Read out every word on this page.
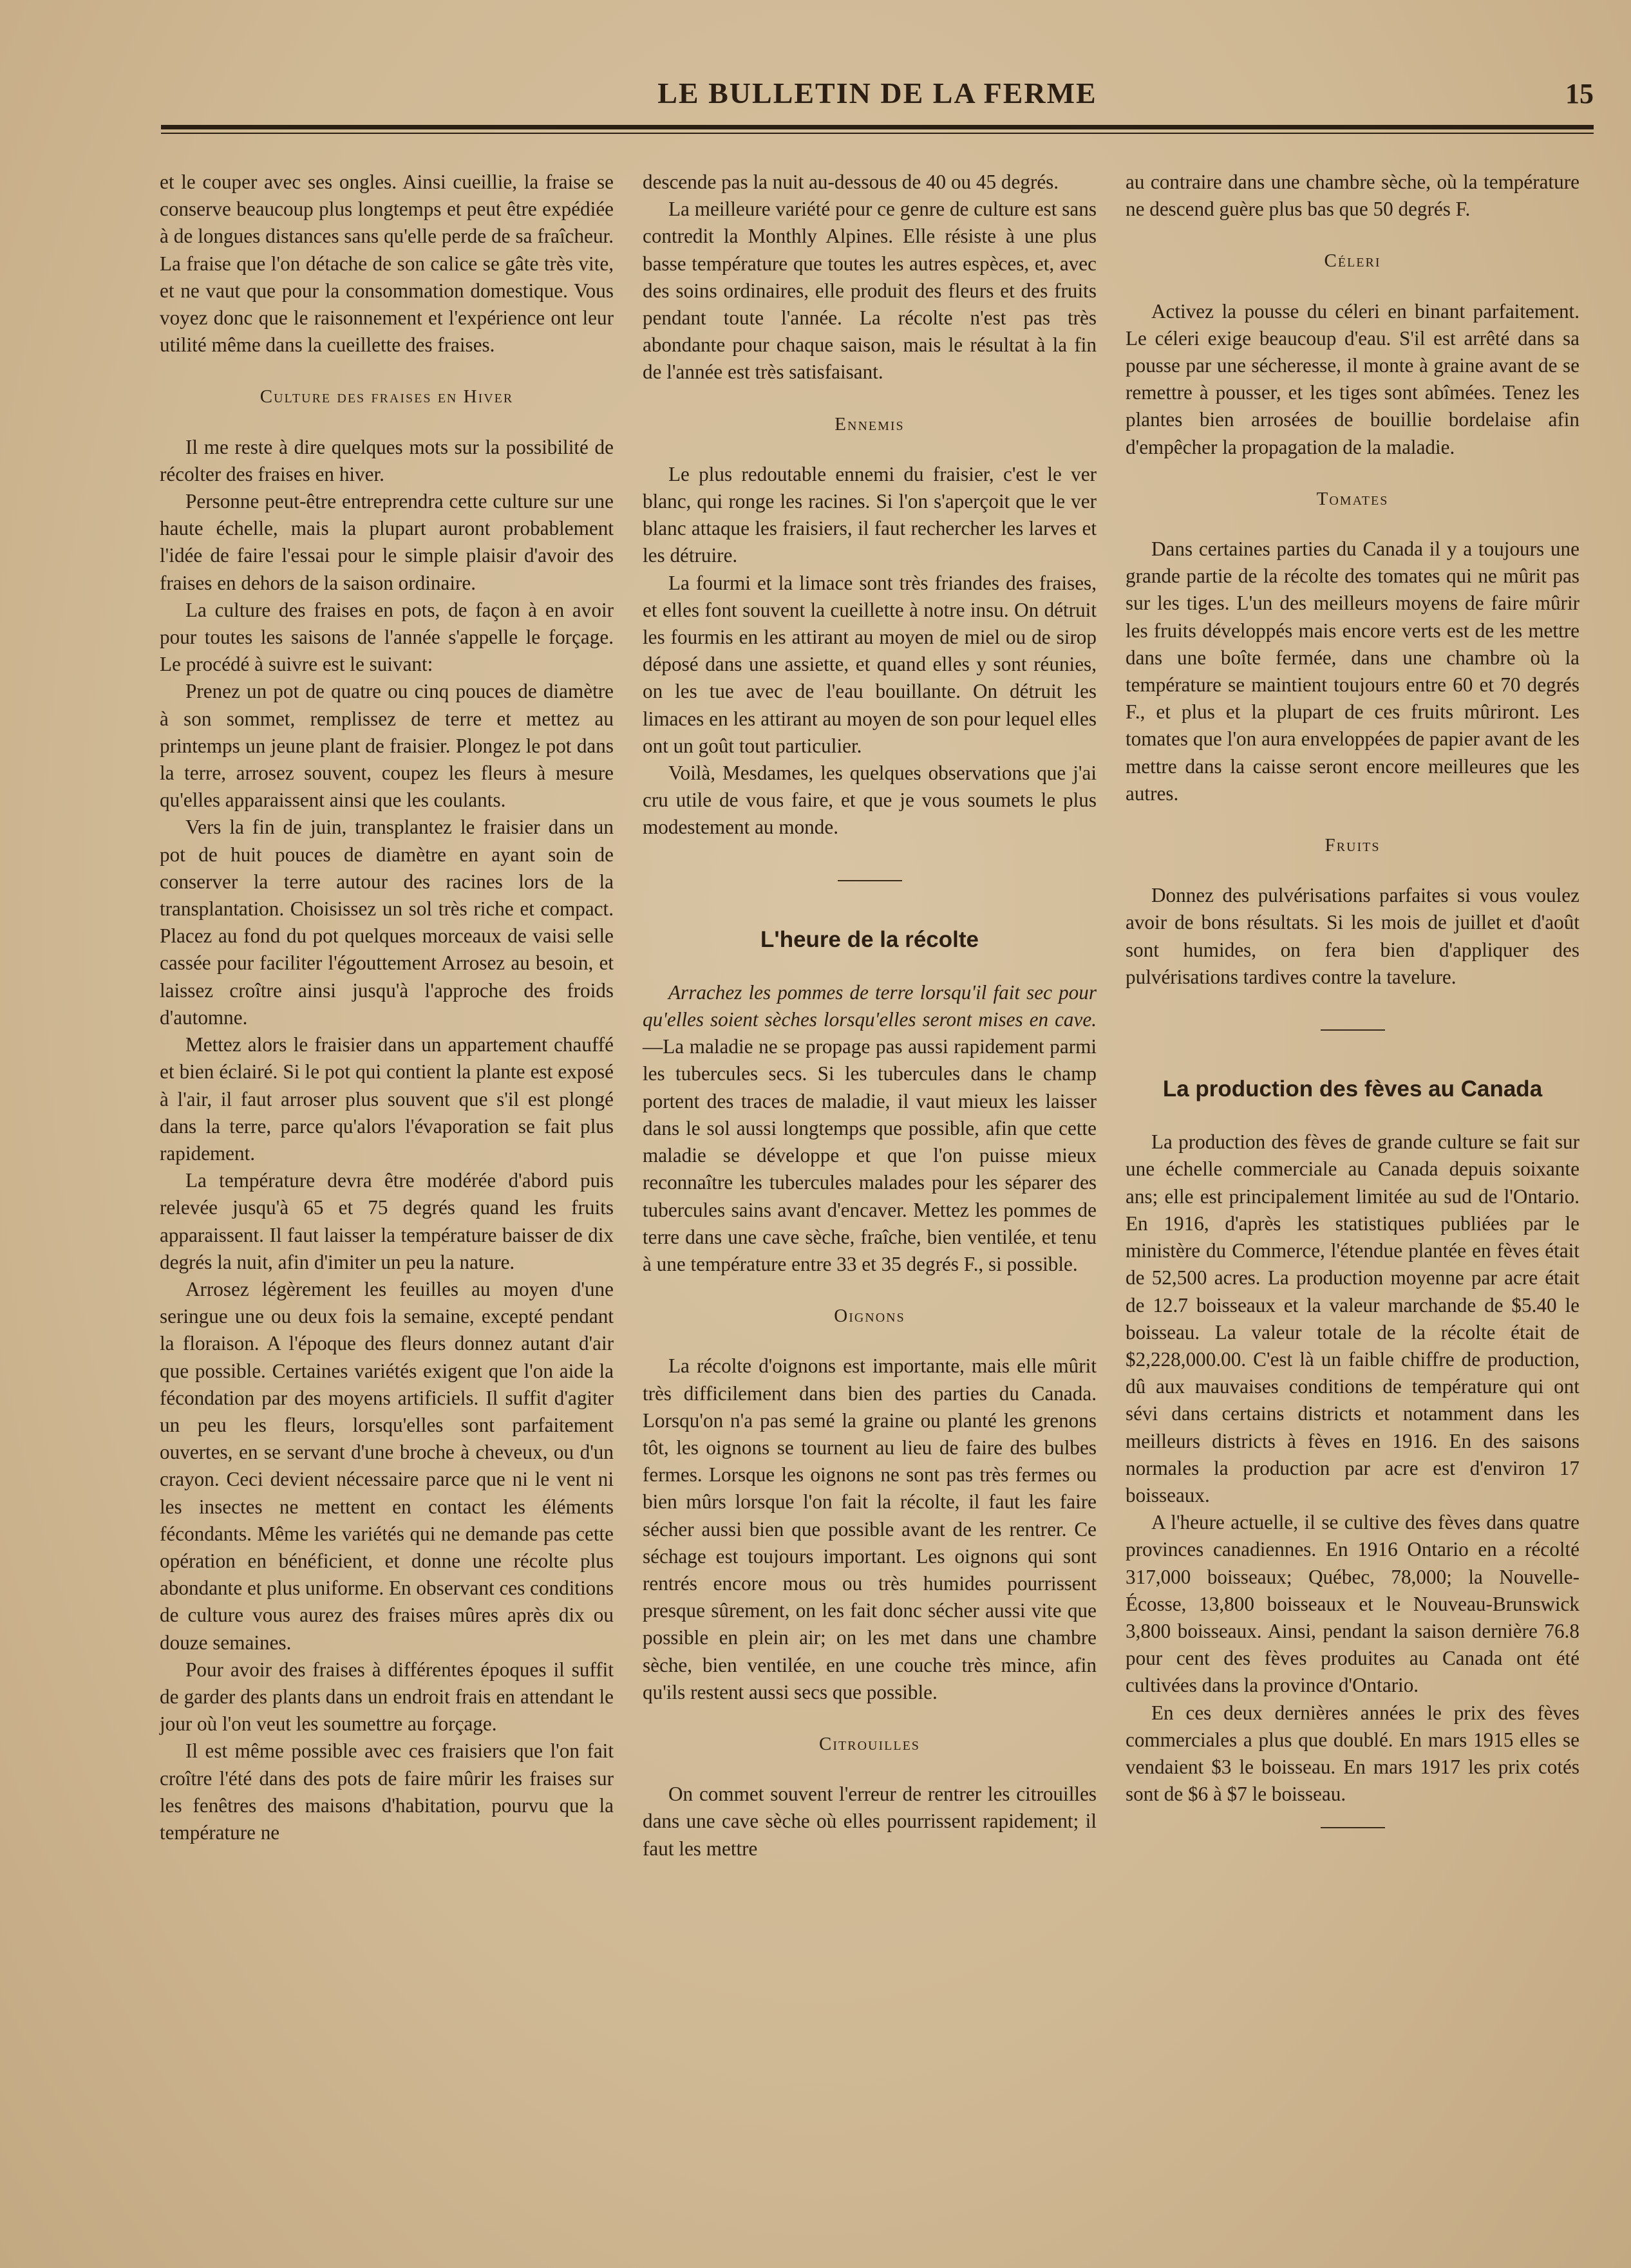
LE BULLETIN DE LA FERME	15

et le couper avec ses ongles. Ainsi cueillie, la fraise se conserve beaucoup plus longtemps et peut être expédiée à de longues distances sans qu'elle perde de sa fraîcheur. La fraise que l'on détache de son calice se gâte très vite, et ne vaut que pour la consommation domestique. Vous voyez donc que le raisonnement et l'expérience ont leur utilité même dans la cueillette des fraises.

Culture des fraises en Hiver

Il me reste à dire quelques mots sur la possibilité de récolter des fraises en hiver.

Personne peut-être entreprendra cette culture sur une haute échelle, mais la plupart auront probablement l'idée de faire l'essai pour le simple plaisir d'avoir des fraises en dehors de la saison ordinaire.

La culture des fraises en pots, de façon à en avoir pour toutes les saisons de l'année s'appelle le forçage. Le procédé à suivre est le suivant:

Prenez un pot de quatre ou cinq pouces de diamètre à son sommet, remplissez de terre et mettez au printemps un jeune plant de fraisier. Plongez le pot dans la terre, arrosez souvent, coupez les fleurs à mesure qu'elles apparaissent ainsi que les coulants.

Vers la fin de juin, transplantez le fraisier dans un pot de huit pouces de diamètre en ayant soin de conserver la terre autour des racines lors de la transplantation. Choisissez un sol très riche et compact. Placez au fond du pot quelques morceaux de vaisi selle cassée pour faciliter l'égouttement Arrosez au besoin, et laissez croître ainsi jusqu'à l'approche des froids d'automne.

Mettez alors le fraisier dans un appartement chauffé et bien éclairé. Si le pot qui contient la plante est exposé à l'air, il faut arroser plus souvent que s'il est plongé dans la terre, parce qu'alors l'évaporation se fait plus rapidement.

La température devra être modérée d'abord puis relevée jusqu'à 65 et 75 degrés quand les fruits apparaissent. Il faut laisser la température baisser de dix degrés la nuit, afin d'imiter un peu la nature.

Arrosez légèrement les feuilles au moyen d'une seringue une ou deux fois la semaine, excepté pendant la floraison. A l'époque des fleurs donnez autant d'air que possible. Certaines variétés exigent que l'on aide la fécondation par des moyens artificiels. Il suffit d'agiter un peu les fleurs, lorsqu'elles sont parfaitement ouvertes, en se servant d'une broche à cheveux, ou d'un crayon. Ceci devient nécessaire parce que ni le vent ni les insectes ne mettent en contact les éléments fécondants. Même les variétés qui ne demande pas cette opération en bénéficient, et donne une récolte plus abondante et plus uniforme. En observant ces conditions de culture vous aurez des fraises mûres après dix ou douze semaines.

Pour avoir des fraises à différentes époques il suffit de garder des plants dans un endroit frais en attendant le jour où l'on veut les soumettre au forçage.

Il est même possible avec ces fraisiers que l'on fait croître l'été dans des pots de faire mûrir les fraises sur les fenêtres des maisons d'habitation, pourvu que la température ne

descende pas la nuit au-dessous de 40 ou 45 degrés.

La meilleure variété pour ce genre de culture est sans contredit la Monthly Alpines. Elle résiste à une plus basse température que toutes les autres espèces, et, avec des soins ordinaires, elle produit des fleurs et des fruits pendant toute l'année. La récolte n'est pas très abondante pour chaque saison, mais le résultat à la fin de l'année est très satisfaisant.

Ennemis

Le plus redoutable ennemi du fraisier, c'est le ver blanc, qui ronge les racines. Si l'on s'aperçoit que le ver blanc attaque les fraisiers, il faut rechercher les larves et les détruire.

La fourmi et la limace sont très friandes des fraises, et elles font souvent la cueillette à notre insu. On détruit les fourmis en les attirant au moyen de miel ou de sirop déposé dans une assiette, et quand elles y sont réunies, on les tue avec de l'eau bouillante. On détruit les limaces en les attirant au moyen de son pour lequel elles ont un goût tout particulier.

Voilà, Mesdames, les quelques observations que j'ai cru utile de vous faire, et que je vous soumets le plus modestement au monde.

L'heure de la récolte

Arrachez les pommes de terre lorsqu'il fait sec pour qu'elles soient sèches lorsqu'elles seront mises en cave.—La maladie ne se propage pas aussi rapidement parmi les tubercules secs. Si les tubercules dans le champ portent des traces de maladie, il vaut mieux les laisser dans le sol aussi longtemps que possible, afin que cette maladie se développe et que l'on puisse mieux reconnaître les tubercules malades pour les séparer des tubercules sains avant d'encaver. Mettez les pommes de terre dans une cave sèche, fraîche, bien ventilée, et tenu à une température entre 33 et 35 degrés F., si possible.

Oignons

La récolte d'oignons est importante, mais elle mûrit très difficilement dans bien des parties du Canada. Lorsqu'on n'a pas semé la graine ou planté les grenons tôt, les oignons se tournent au lieu de faire des bulbes fermes. Lorsque les oignons ne sont pas très fermes ou bien mûrs lorsque l'on fait la récolte, il faut les faire sécher aussi bien que possible avant de les rentrer. Ce séchage est toujours important. Les oignons qui sont rentrés encore mous ou très humides pourrissent presque sûrement, on les fait donc sécher aussi vite que possible en plein air; on les met dans une chambre sèche, bien ventilée, en une couche très mince, afin qu'ils restent aussi secs que possible.

Citrouilles

On commet souvent l'erreur de rentrer les citrouilles dans une cave sèche où elles pourrissent rapidement; il faut les mettre

au contraire dans une chambre sèche, où la température ne descend guère plus bas que 50 degrés F.

Céleri

Activez la pousse du céleri en binant parfaitement. Le céleri exige beaucoup d'eau. S'il est arrêté dans sa pousse par une sécheresse, il monte à graine avant de se remettre à pousser, et les tiges sont abîmées. Tenez les plantes bien arrosées de bouillie bordelaise afin d'empêcher la propagation de la maladie.

Tomates

Dans certaines parties du Canada il y a toujours une grande partie de la récolte des tomates qui ne mûrit pas sur les tiges. L'un des meilleurs moyens de faire mûrir les fruits développés mais encore verts est de les mettre dans une boîte fermée, dans une chambre où la température se maintient toujours entre 60 et 70 degrés F., et plus et la plupart de ces fruits mûriront. Les tomates que l'on aura enveloppées de papier avant de les mettre dans la caisse seront encore meilleures que les autres.

Fruits

Donnez des pulvérisations parfaites si vous voulez avoir de bons résultats. Si les mois de juillet et d'août sont humides, on fera bien d'appliquer des pulvérisations tardives contre la tavelure.

La production des fèves au Canada

La production des fèves de grande culture se fait sur une échelle commerciale au Canada depuis soixante ans; elle est principalement limitée au sud de l'Ontario. En 1916, d'après les statistiques publiées par le ministère du Commerce, l'étendue plantée en fèves était de 52,500 acres. La production moyenne par acre était de 12.7 boisseaux et la valeur marchande de $5.40 le boisseau. La valeur totale de la récolte était de $2,228,000.00. C'est là un faible chiffre de production, dû aux mauvaises conditions de température qui ont sévi dans certains districts et notamment dans les meilleurs districts à fèves en 1916. En des saisons normales la production par acre est d'environ 17 boisseaux.

A l'heure actuelle, il se cultive des fèves dans quatre provinces canadiennes. En 1916 Ontario en a récolté 317,000 boisseaux; Québec, 78,000; la Nouvelle-Écosse, 13,800 boisseaux et le Nouveau-Brunswick 3,800 boisseaux. Ainsi, pendant la saison dernière 76.8 pour cent des fèves produites au Canada ont été cultivées dans la province d'Ontario.

En ces deux dernières années le prix des fèves commerciales a plus que doublé. En mars 1915 elles se vendaient $3 le boisseau. En mars 1917 les prix cotés sont de $6 à $7 le boisseau.
